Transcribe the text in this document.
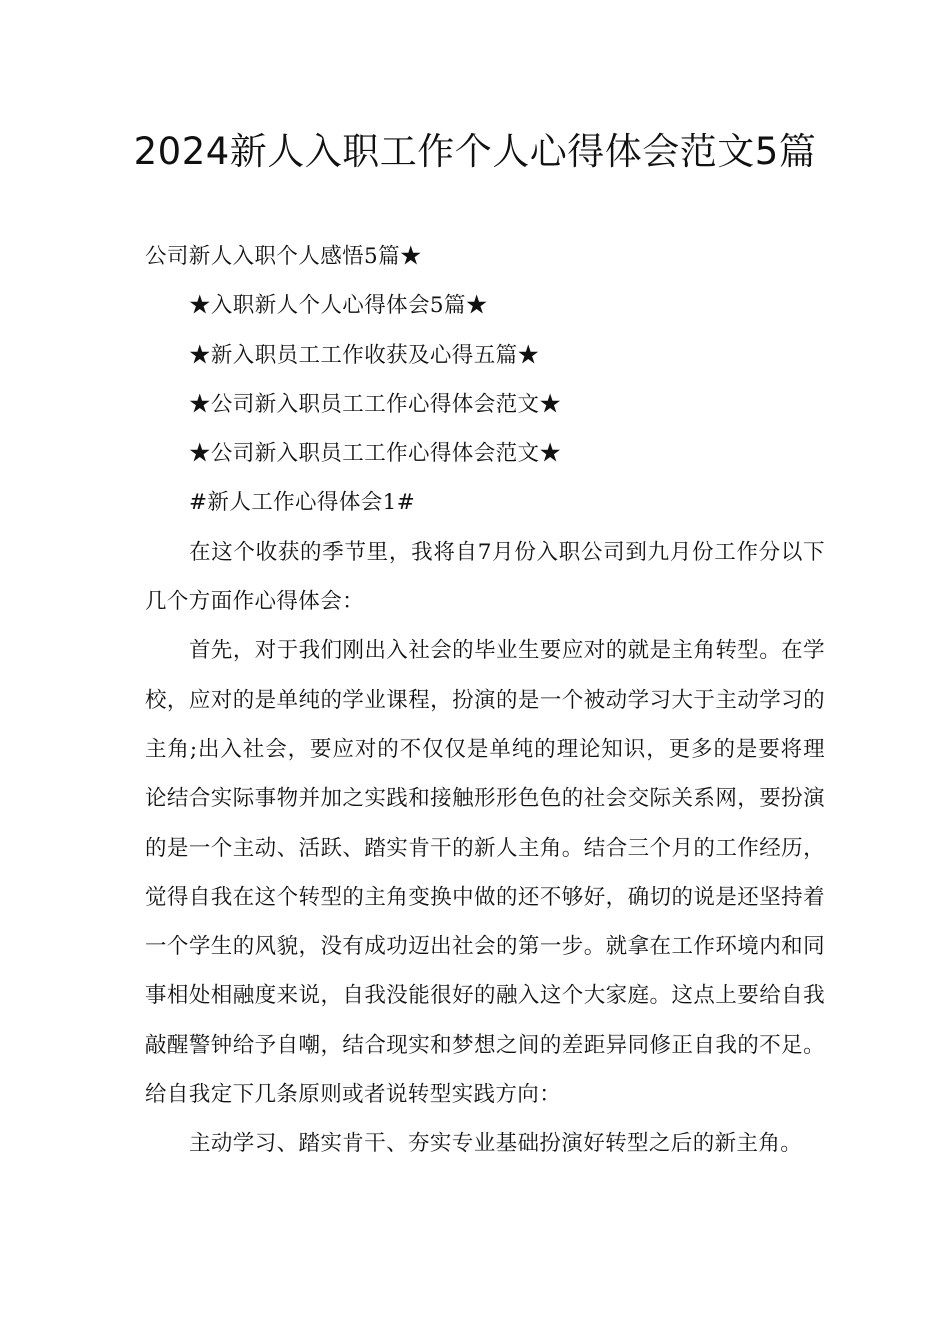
2024新人入职工作个人心得体会范文5篇

公司新人入职个人感悟5篇★

★入职新人个人心得体会5篇★

★新入职员工工作收获及心得五篇★

★公司新入职员工工作心得体会范文★

★公司新入职员工工作心得体会范文★

#新人工作心得体会1#

在这个收获的季节里，我将自7月份入职公司到九月份工作分以下几个方面作心得体会：

首先，对于我们刚出入社会的毕业生要应对的就是主角转型。在学校，应对的是单纯的学业课程，扮演的是一个被动学习大于主动学习的主角;出入社会，要应对的不仅仅是单纯的理论知识，更多的是要将理论结合实际事物并加之实践和接触形形色色的社会交际关系网，要扮演的是一个主动、活跃、踏实肯干的新人主角。结合三个月的工作经历，觉得自我在这个转型的主角变换中做的还不够好，确切的说是还坚持着一个学生的风貌，没有成功迈出社会的第一步。就拿在工作环境内和同事相处相融度来说，自我没能很好的融入这个大家庭。这点上要给自我敲醒警钟给予自嘲，结合现实和梦想之间的差距异同修正自我的不足。给自我定下几条原则或者说转型实践方向：

主动学习、踏实肯干、夯实专业基础扮演好转型之后的新主角。
